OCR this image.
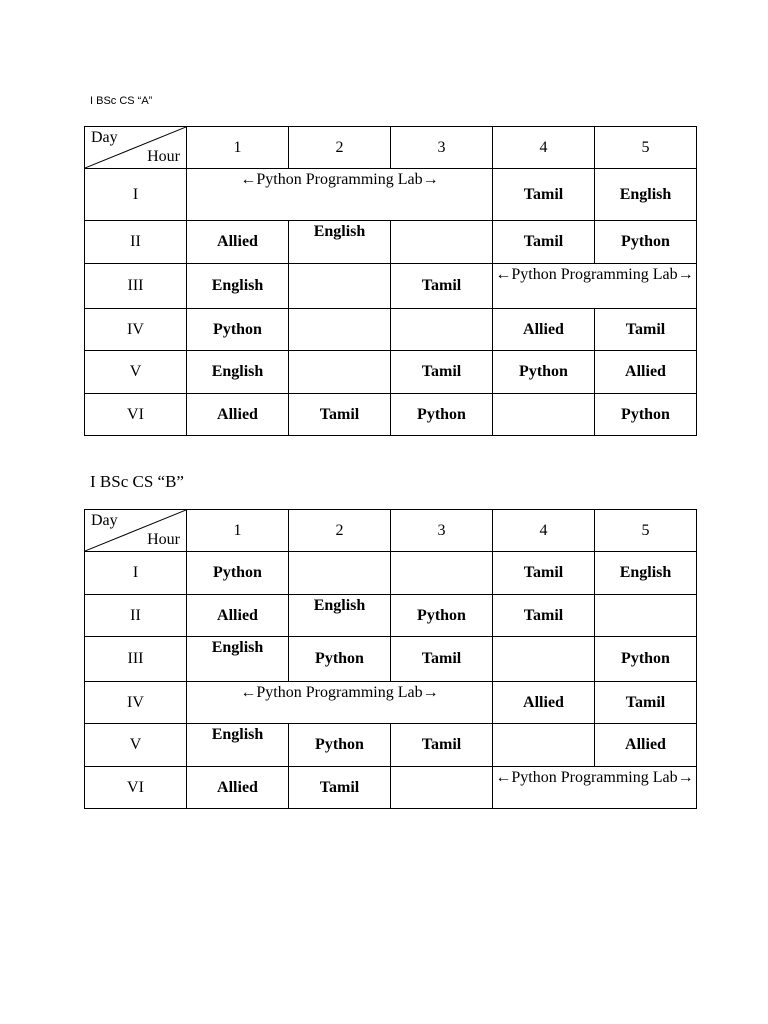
I BSc CS “A”
Day
Hour	1	2	3	4	5
I	←Python Programming Lab→			Tamil	English
II	Allied	English		Tamil	Python
III	English		Tamil	←Python Programming Lab→	

IV	Python			Allied	Tamil
V	English		Tamil	Python	Allied
VI	Allied	Tamil	Python		Python
I BSc CS “B”
Day
Hour	1	2	3	4	5
I	Python			Tamil	English
II	Allied	English	Python	Tamil	
III	English	Python	Tamil		Python
IV	←Python Programming Lab→			Allied	Tamil
V	English	Python	Tamil		Allied
VI	Allied	Tamil		←Python Programming Lab→	
